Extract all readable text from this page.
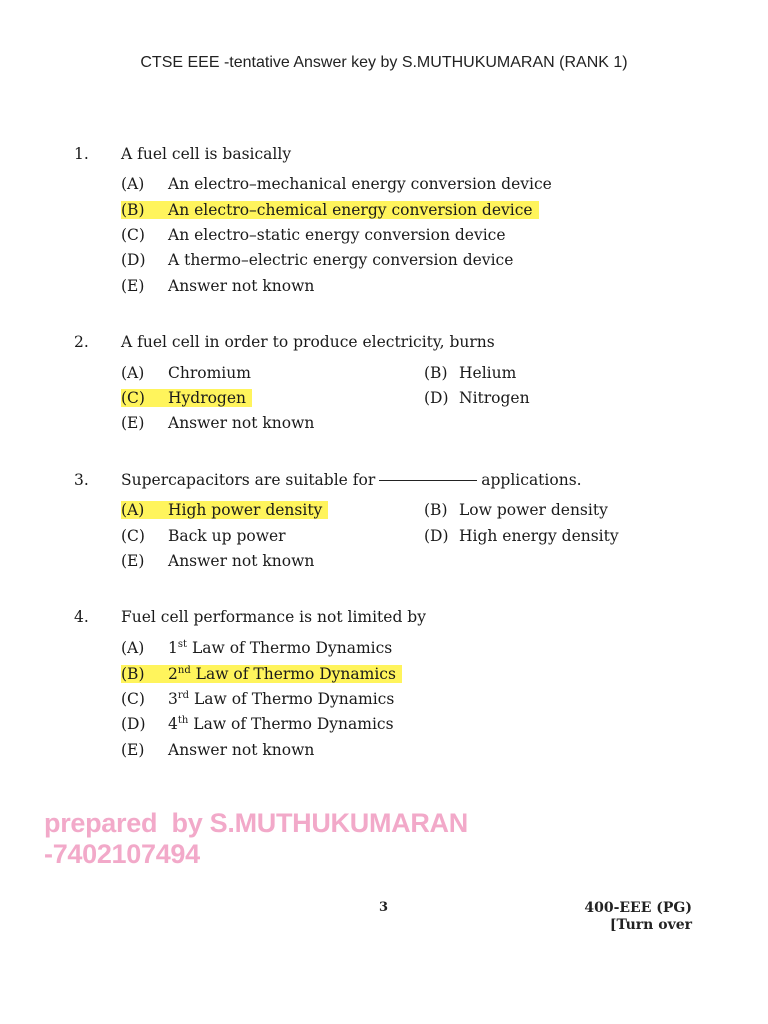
CTSE EEE -tentative Answer key by S.MUTHUKUMARAN (RANK 1)
1. A fuel cell is basically
(A) An electro–mechanical energy conversion device
(B) An electro–chemical energy conversion device
(C) An electro–static energy conversion device
(D) A thermo–electric energy conversion device
(E) Answer not known
2. A fuel cell in order to produce electricity, burns
(A) Chromium	(B) Helium
(C) Hydrogen	(D) Nitrogen
(E) Answer not known
3. Supercapacitors are suitable for	applications.
(A) High power density	(B) Low power density
(C) Back up power	(D) High energy density
(E) Answer not known
4. Fuel cell performance is not limited by
(A) 1st Law of Thermo Dynamics
(B) 2nd Law of Thermo Dynamics
(C) 3rd Law of Thermo Dynamics
(D) 4th Law of Thermo Dynamics
(E) Answer not known
prepared  by S.MUTHUKUMARAN
-7402107494
3	400-EEE (PG)
[Turn over
